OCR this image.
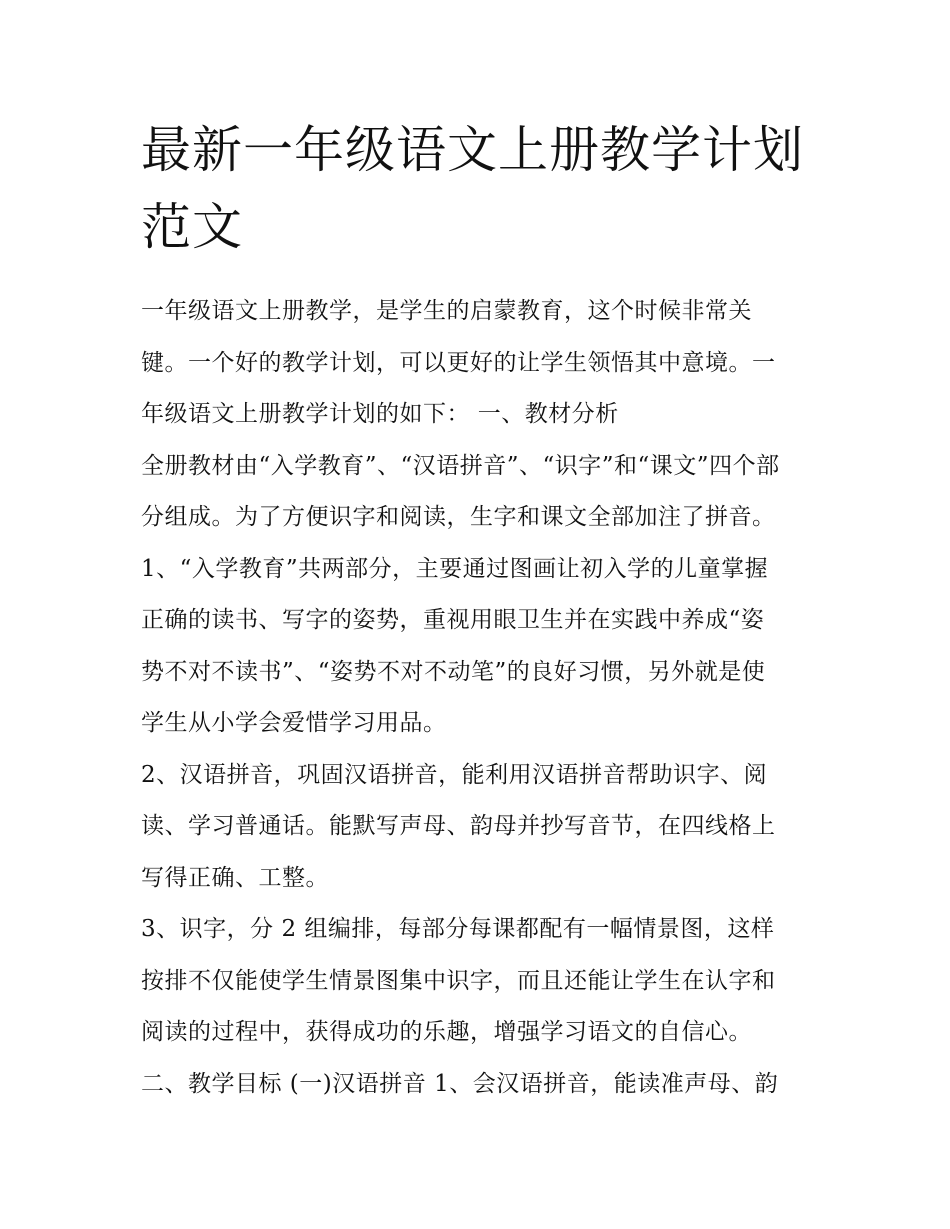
最新一年级语文上册教学计划
范文

一年级语文上册教学，是学生的启蒙教育，这个时候非常关
键。一个好的教学计划，可以更好的让学生领悟其中意境。一
年级语文上册教学计划的如下： 一、教材分析

全册教材由“入学教育”、“汉语拼音”、“识字”和“课文”四个部
分组成。为了方便识字和阅读，生字和课文全部加注了拼音。

1、“入学教育”共两部分，主要通过图画让初入学的儿童掌握
正确的读书、写字的姿势，重视用眼卫生并在实践中养成“姿
势不对不读书”、“姿势不对不动笔”的良好习惯，另外就是使
学生从小学会爱惜学习用品。

2、汉语拼音，巩固汉语拼音，能利用汉语拼音帮助识字、阅
读、学习普通话。能默写声母、韵母并抄写音节，在四线格上
写得正确、工整。

3、识字，分 2 组编排，每部分每课都配有一幅情景图，这样
按排不仅能使学生情景图集中识字，而且还能让学生在认字和
阅读的过程中，获得成功的乐趣，增强学习语文的自信心。

二、教学目标 (一)汉语拼音 1、会汉语拼音，能读准声母、韵
